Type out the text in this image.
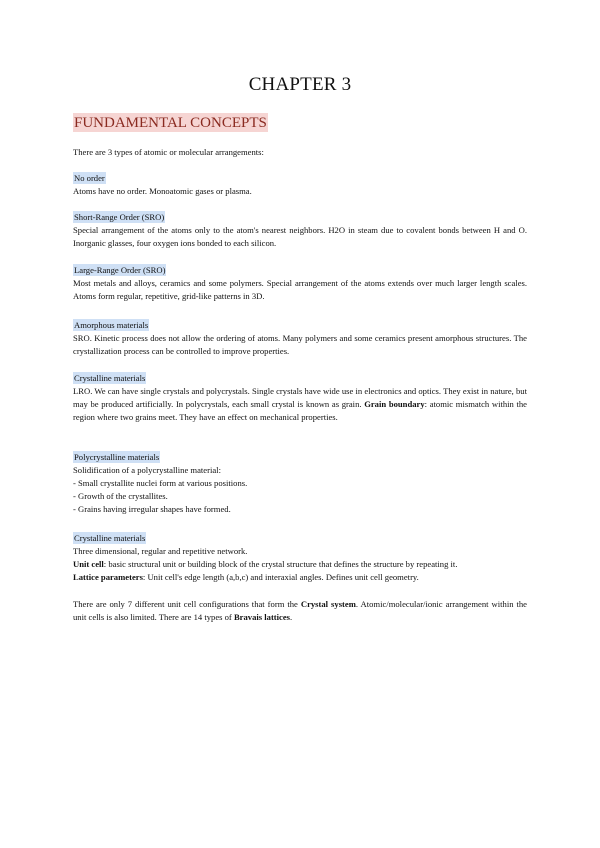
CHAPTER 3
FUNDAMENTAL CONCEPTS
There are 3 types of atomic or molecular arrangements:
No order
Atoms have no order. Monoatomic gases or plasma.
Short-Range Order (SRO)
Special arrangement of the atoms only to the atom's nearest neighbors. H2O in steam due to covalent bonds between H and O. Inorganic glasses, four oxygen ions bonded to each silicon.
Large-Range Order (SRO)
Most metals and alloys, ceramics and some polymers. Special arrangement of the atoms extends over much larger length scales. Atoms form regular, repetitive, grid-like patterns in 3D.
Amorphous materials
SRO. Kinetic process does not allow the ordering of atoms. Many polymers and some ceramics present amorphous structures. The crystallization process can be controlled to improve properties.
Crystalline materials
LRO. We can have single crystals and polycrystals. Single crystals have wide use in electronics and optics. They exist in nature, but may be produced artificially. In polycrystals, each small crystal is known as grain. Grain boundary: atomic mismatch within the region where two grains meet. They have an effect on mechanical properties.
Polycrystalline materials
Solidification of a polycrystalline material:
- Small crystallite nuclei form at various positions.
- Growth of the crystallites.
- Grains having irregular shapes have formed.
Crystalline materials
Three dimensional, regular and repetitive network.
Unit cell: basic structural unit or building block of the crystal structure that defines the structure by repeating it.
Lattice parameters: Unit cell's edge length (a,b,c) and interaxial angles. Defines unit cell geometry.
There are only 7 different unit cell configurations that form the Crystal system. Atomic/molecular/ionic arrangement within the unit cells is also limited. There are 14 types of Bravais lattices.
